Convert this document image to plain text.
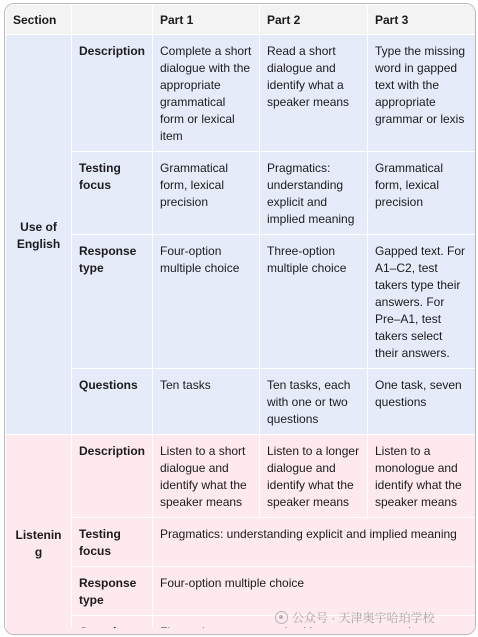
Section		Part 1	Part 2	Part 3
Use of English	Description	Complete a short dialogue with the appropriate grammatical form or lexical item	Read a short dialogue and identify what a speaker means	Type the missing word in gapped text with the appropriate grammar or lexis
	Testing focus	Grammatical form, lexical precision	Pragmatics: understanding explicit and implied meaning	Grammatical form, lexical precision
	Response type	Four-option multiple choice	Three-option multiple choice	Gapped text. For A1–C2, test takers type their answers. For Pre–A1, test takers select their answers.
	Questions	Ten tasks	Ten tasks, each with one or two questions	One task, seven questions
Listening	Description	Listen to a short dialogue and identify what the speaker means	Listen to a longer dialogue and identify what the speaker means	Listen to a monologue and identify what the speaker means
	Testing focus	Pragmatics: understanding explicit and implied meaning		
	Response type	Four-option multiple choice		

公众号 · 天津奥宇哈珀学校
